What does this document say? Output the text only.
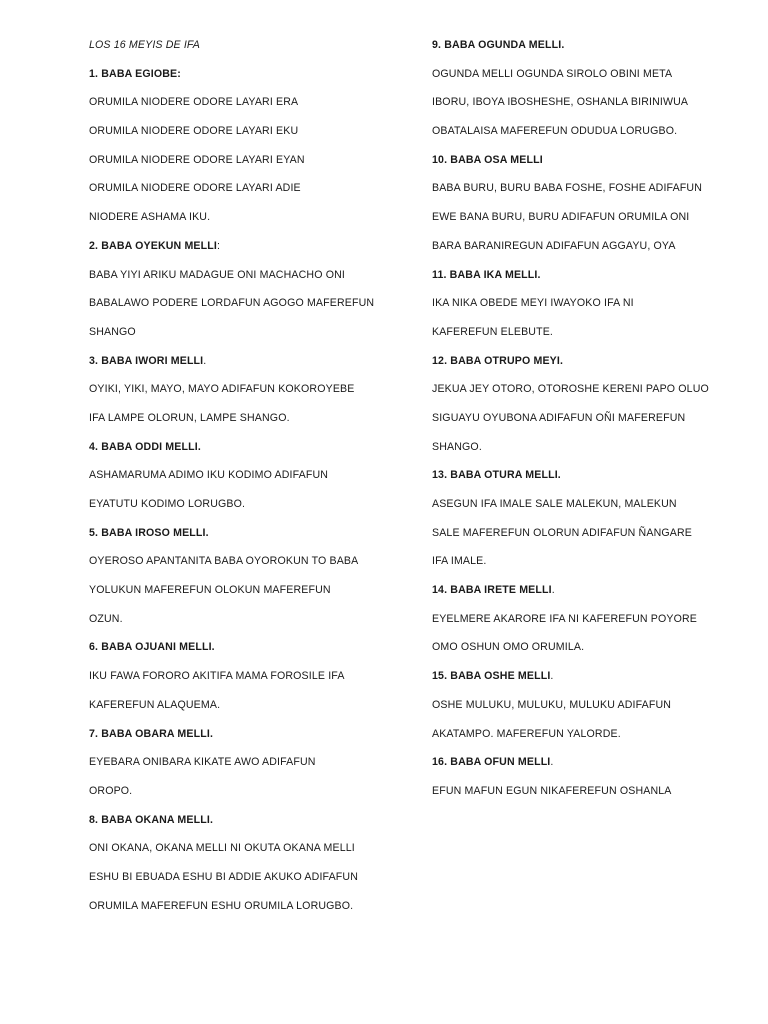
LOS 16 MEYIS DE IFA
1. BABA EGIOBE:
ORUMILA NIODERE ODORE LAYARI ERA
ORUMILA NIODERE ODORE LAYARI EKU
ORUMILA NIODERE ODORE LAYARI EYAN
ORUMILA NIODERE ODORE LAYARI ADIE
NIODERE ASHAMA IKU.
2. BABA OYEKUN MELLI:
BABA YIYI ARIKU MADAGUE ONI MACHACHO ONI
BABALAWO PODERE LORDAFUN AGOGO MAFEREFUN
SHANGO
3. BABA IWORI MELLI.
OYIKI, YIKI, MAYO, MAYO ADIFAFUN KOKOROYEBE
IFA LAMPE OLORUN, LAMPE SHANGO.
4. BABA ODDI MELLI.
ASHAMARUMA ADIMO IKU KODIMO ADIFAFUN
EYATUTU KODIMO LORUGBO.
5. BABA IROSO MELLI.
OYEROSO APANTANITA BABA OYOROKUN TO BABA
YOLUKUN MAFEREFUN OLOKUN MAFEREFUN
OZUN.
6. BABA OJUANI MELLI.
IKU FAWA FORORO AKITIFA MAMA FOROSILE IFA
KAFEREFUN ALAQUEMA.
7. BABA OBARA MELLI.
EYEBARA ONIBARA KIKATE AWO ADIFAFUN
OROPO.
8. BABA OKANA MELLI.
ONI OKANA, OKANA MELLI NI OKUTA OKANA MELLI
ESHU BI EBUADA ESHU BI ADDIE AKUKO ADIFAFUN
ORUMILA MAFEREFUN ESHU ORUMILA LORUGBO.
9. BABA OGUNDA MELLI.
OGUNDA MELLI OGUNDA SIROLO OBINI META
IBORU, IBOYA IBOSHESHE, OSHANLA BIRINIWUA
OBATALAISA MAFEREFUN ODUDUA LORUGBO.
10. BABA OSA MELLI
BABA BURU, BURU BABA FOSHE, FOSHE ADIFAFUN
EWE BANA BURU, BURU ADIFAFUN ORUMILA ONI
BARA BARANIREGUN ADIFAFUN AGGAYU, OYA
11. BABA IKA MELLI.
IKA NIKA OBEDE MEYI IWAYOKO IFA NI
KAFEREFUN ELEBUTE.
12. BABA OTRUPO MEYI.
JEKUA JEY OTORO, OTOROSHE KERENI PAPO OLUO
SIGUAYU OYUBONA ADIFAFUN OÑI MAFEREFUN
SHANGO.
13. BABA OTURA MELLI.
ASEGUN IFA IMALE SALE MALEKUN, MALEKUN
SALE MAFEREFUN OLORUN ADIFAFUN ÑANGARE
IFA IMALE.
14. BABA IRETE MELLI.
EYELMERE AKARORE IFA NI KAFEREFUN POYORE
OMO OSHUN OMO ORUMILA.
15. BABA OSHE MELLI.
OSHE MULUKU, MULUKU, MULUKU ADIFAFUN
AKATAMPO. MAFEREFUN YALORDE.
16. BABA OFUN MELLI.
EFUN MAFUN EGUN NIKAFEREFUN OSHANLA
